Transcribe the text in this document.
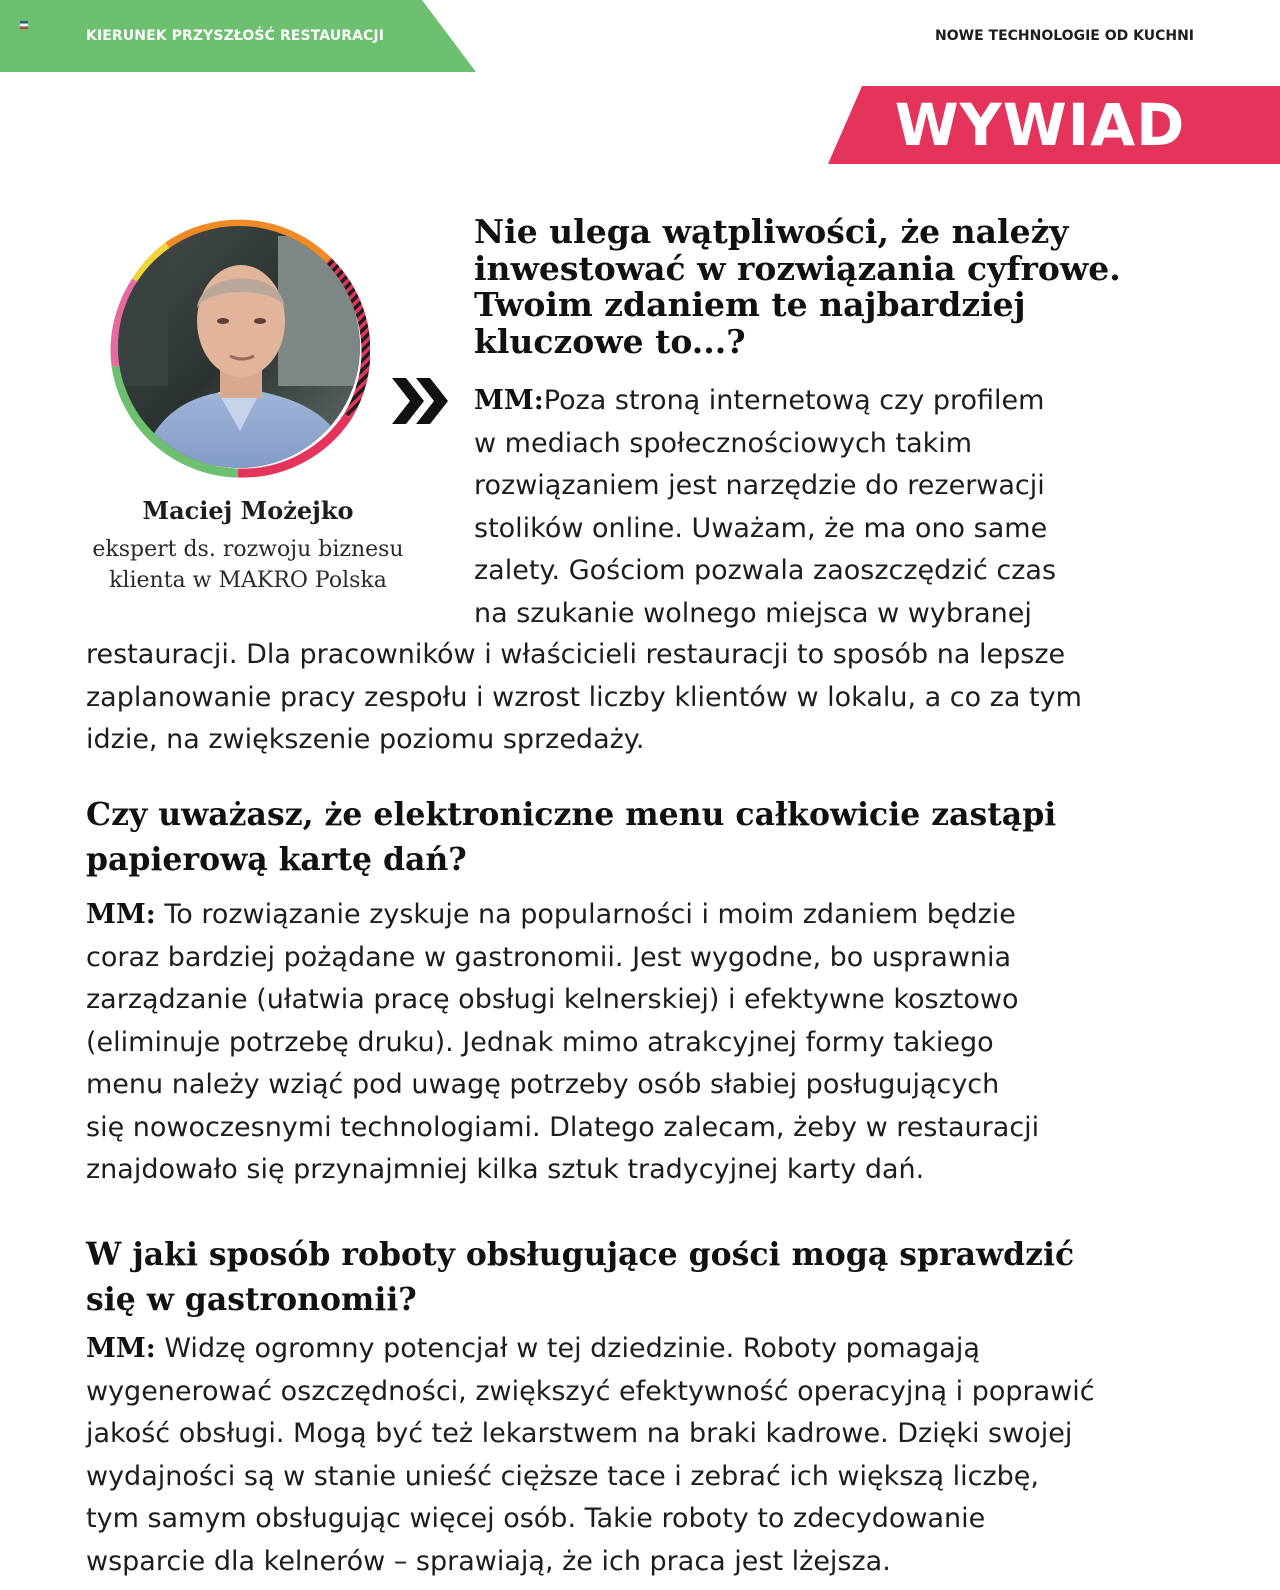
KIERUNEK PRZYSZŁOŚĆ RESTAURACJI	NOWE TECHNOLOGIE OD KUCHNI
WYWIAD
Maciej Możejko
ekspert ds. rozwoju biznesu
klienta w MAKRO Polska
Nie ulega wątpliwości, że należy
inwestować w rozwiązania cyfrowe.
Twoim zdaniem te najbardziej
kluczowe to...?
MM:Poza stroną internetową czy profilem
w mediach społecznościowych takim
rozwiązaniem jest narzędzie do rezerwacji
stolików online. Uważam, że ma ono same
zalety. Gościom pozwala zaoszczędzić czas
na szukanie wolnego miejsca w wybranej
restauracji. Dla pracowników i właścicieli restauracji to sposób na lepsze
zaplanowanie pracy zespołu i wzrost liczby klientów w lokalu, a co za tym
idzie, na zwiększenie poziomu sprzedaży.
Czy uważasz, że elektroniczne menu całkowicie zastąpi
papierową kartę dań?
MM: To rozwiązanie zyskuje na popularności i moim zdaniem będzie
coraz bardziej pożądane w gastronomii. Jest wygodne, bo usprawnia
zarządzanie (ułatwia pracę obsługi kelnerskiej) i efektywne kosztowo
(eliminuje potrzebę druku). Jednak mimo atrakcyjnej formy takiego
menu należy wziąć pod uwagę potrzeby osób słabiej posługujących
się nowoczesnymi technologiami. Dlatego zalecam, żeby w restauracji
znajdowało się przynajmniej kilka sztuk tradycyjnej karty dań.
W jaki sposób roboty obsługujące gości mogą sprawdzić
się w gastronomii?
MM: Widzę ogromny potencjał w tej dziedzinie. Roboty pomagają
wygenerować oszczędności, zwiększyć efektywność operacyjną i poprawić
jakość obsługi. Mogą być też lekarstwem na braki kadrowe. Dzięki swojej
wydajności są w stanie unieść cięższe tace i zebrać ich większą liczbę,
tym samym obsługując więcej osób. Takie roboty to zdecydowanie
wsparcie dla kelnerów – sprawiają, że ich praca jest lżejsza.
